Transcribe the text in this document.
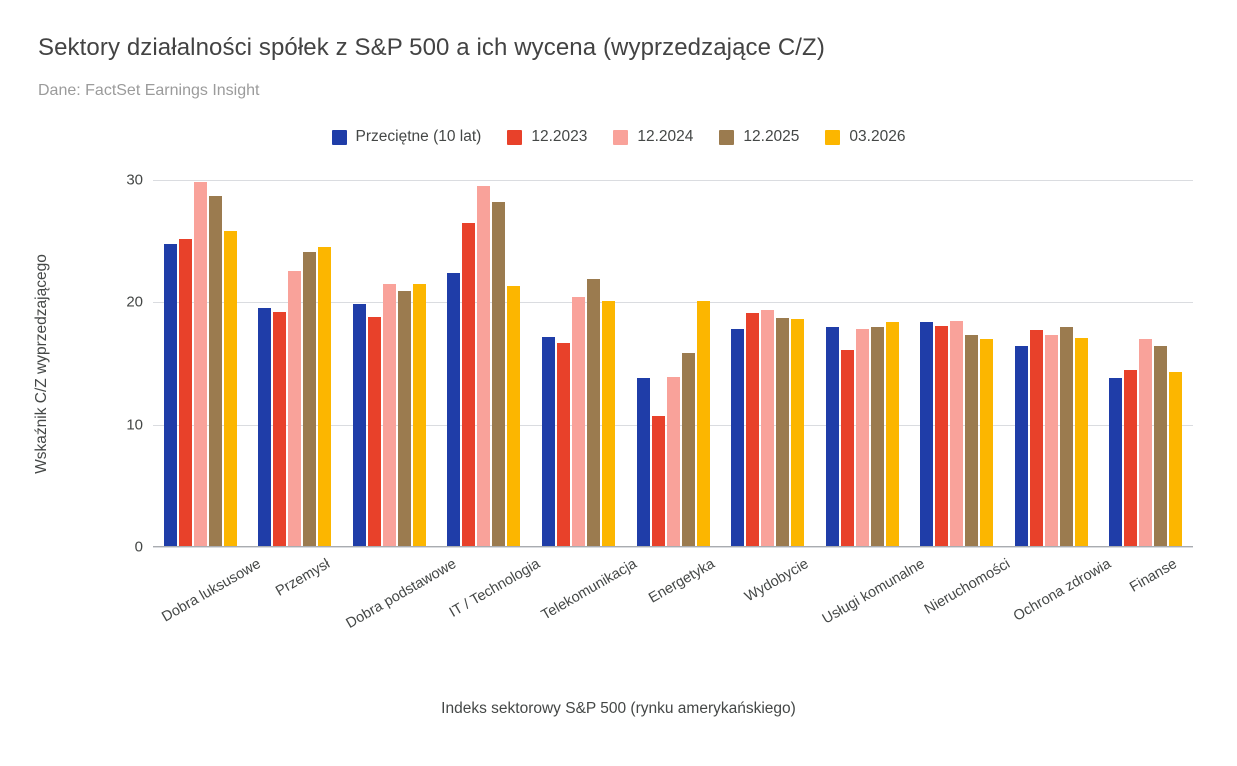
Sektory działalności spółek z S&P 500 a ich wycena (wyprzedzające C/Z)
Dane: FactSet Earnings Insight
Przeciętne (10 lat)	12.2023	12.2024	12.2025	03.2026
Wskaźnik C/Z wyprzedzającego
0
10
20
30
Dobra luksusowe Przemysł Dobra podstawowe
IT / Technologia
Telekomunikacja Energetyka Wydobycie Usługi komunalne
Nieruchomości
Ochrona zdrowia Finanse
Indeks sektorowy S&P 500 (rynku amerykańskiego)
